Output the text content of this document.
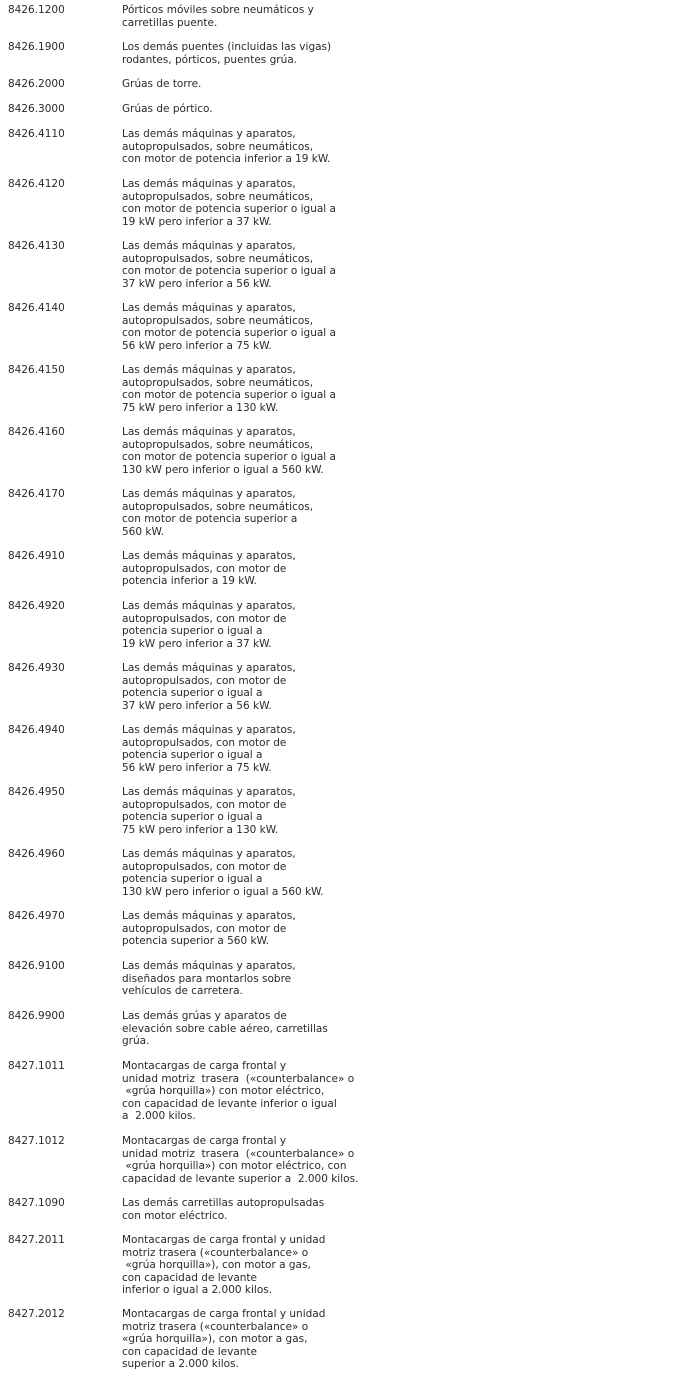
8426.1200	Pórticos móviles sobre neumáticos y
carretillas puente.
8426.1900	Los demás puentes (incluidas las vigas)
rodantes, pórticos, puentes grúa.
8426.2000	Grúas de torre.
8426.3000	Grúas de pórtico.
8426.4110	Las demás máquinas y aparatos,
autopropulsados, sobre neumáticos,
con motor de potencia inferior a 19 kW.
8426.4120	Las demás máquinas y aparatos,
autopropulsados, sobre neumáticos,
con motor de potencia superior o igual a
19 kW pero inferior a 37 kW.
8426.4130	Las demás máquinas y aparatos,
autopropulsados, sobre neumáticos,
con motor de potencia superior o igual a
37 kW pero inferior a 56 kW.
8426.4140	Las demás máquinas y aparatos,
autopropulsados, sobre neumáticos,
con motor de potencia superior o igual a
56 kW pero inferior a 75 kW.
8426.4150	Las demás máquinas y aparatos,
autopropulsados, sobre neumáticos,
con motor de potencia superior o igual a
75 kW pero inferior a 130 kW.
8426.4160	Las demás máquinas y aparatos,
autopropulsados, sobre neumáticos,
con motor de potencia superior o igual a
130 kW pero inferior o igual a 560 kW.
8426.4170	Las demás máquinas y aparatos,
autopropulsados, sobre neumáticos,
con motor de potencia superior a
560 kW.
8426.4910	Las demás máquinas y aparatos,
autopropulsados, con motor de
potencia inferior a 19 kW.
8426.4920	Las demás máquinas y aparatos,
autopropulsados, con motor de
potencia superior o igual a
19 kW pero inferior a 37 kW.
8426.4930	Las demás máquinas y aparatos,
autopropulsados, con motor de
potencia superior o igual a
37 kW pero inferior a 56 kW.
8426.4940	Las demás máquinas y aparatos,
autopropulsados, con motor de
potencia superior o igual a
56 kW pero inferior a 75 kW.
8426.4950	Las demás máquinas y aparatos,
autopropulsados, con motor de
potencia superior o igual a
75 kW pero inferior a 130 kW.
8426.4960	Las demás máquinas y aparatos,
autopropulsados, con motor de
potencia superior o igual a
130 kW pero inferior o igual a 560 kW.
8426.4970	Las demás máquinas y aparatos,
autopropulsados, con motor de
potencia superior a 560 kW.
8426.9100	Las demás máquinas y aparatos,
diseñados para montarlos sobre
vehículos de carretera.
8426.9900	Las demás grúas y aparatos de
elevación sobre cable aéreo, carretillas
grúa.
8427.1011	Montacargas de carga frontal y
unidad motriz  trasera  («counterbalance» o
«grúa horquilla») con motor eléctrico,
con capacidad de levante inferior o igual
a  2.000 kilos.
8427.1012	Montacargas de carga frontal y
unidad motriz  trasera  («counterbalance» o
«grúa horquilla») con motor eléctrico, con
capacidad de levante superior a  2.000 kilos.
8427.1090	Las demás carretillas autopropulsadas
con motor eléctrico.
8427.2011	Montacargas de carga frontal y unidad
motriz trasera («counterbalance» o
«grúa horquilla»), con motor a gas,
con capacidad de levante
inferior o igual a 2.000 kilos.
8427.2012	Montacargas de carga frontal y unidad
motriz trasera («counterbalance» o
«grúa horquilla»), con motor a gas,
con capacidad de levante
superior a 2.000 kilos.
